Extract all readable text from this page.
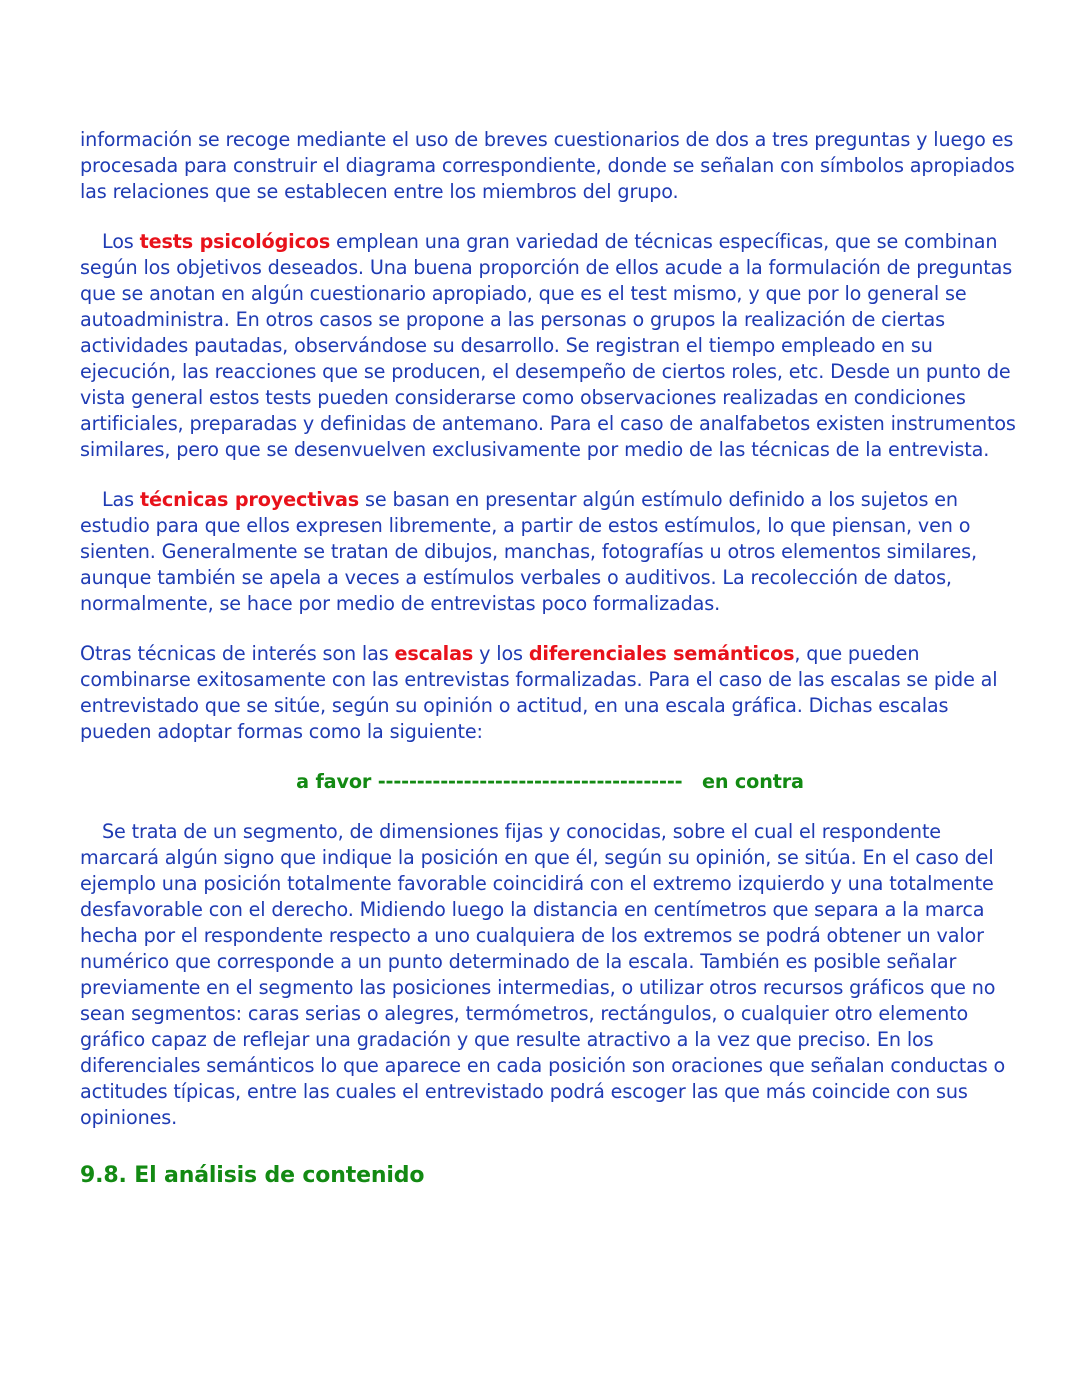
información se recoge mediante el uso de breves cuestionarios de dos a tres preguntas y luego es procesada para construir el diagrama correspondiente, donde se señalan con símbolos apropiados las relaciones que se establecen entre los miembros del grupo.

Los tests psicológicos emplean una gran variedad de técnicas específicas, que se combinan según los objetivos deseados. Una buena proporción de ellos acude a la formulación de preguntas que se anotan en algún cuestionario apropiado, que es el test mismo, y que por lo general se autoadministra. En otros casos se propone a las personas o grupos la realización de ciertas actividades pautadas, observándose su desarrollo. Se registran el tiempo empleado en su ejecución, las reacciones que se producen, el desempeño de ciertos roles, etc. Desde un punto de vista general estos tests pueden considerarse como observaciones realizadas en condiciones artificiales, preparadas y definidas de antemano. Para el caso de analfabetos existen instrumentos similares, pero que se desenvuelven exclusivamente por medio de las técnicas de la entrevista.

Las técnicas proyectivas se basan en presentar algún estímulo definido a los sujetos en estudio para que ellos expresen libremente, a partir de estos estímulos, lo que piensan, ven o sienten. Generalmente se tratan de dibujos, manchas, fotografías u otros elementos similares, aunque también se apela a veces a estímulos verbales o auditivos. La recolección de datos, normalmente, se hace por medio de entrevistas poco formalizadas.

Otras técnicas de interés son las escalas y los diferenciales semánticos, que pueden combinarse exitosamente con las entrevistas formalizadas. Para el caso de las escalas se pide al entrevistado que se sitúe, según su opinión o actitud, en una escala gráfica. Dichas escalas pueden adoptar formas como la siguiente:

a favor ---------------------------------------   en contra

Se trata de un segmento, de dimensiones fijas y conocidas, sobre el cual el respondente marcará algún signo que indique la posición en que él, según su opinión, se sitúa. En el caso del ejemplo una posición totalmente favorable coincidirá con el extremo izquierdo y una totalmente desfavorable con el derecho. Midiendo luego la distancia en centímetros que separa a la marca hecha por el respondente respecto a uno cualquiera de los extremos se podrá obtener un valor numérico que corresponde a un punto determinado de la escala. También es posible señalar previamente en el segmento las posiciones intermedias, o utilizar otros recursos gráficos que no sean segmentos: caras serias o alegres, termómetros, rectángulos, o cualquier otro elemento gráfico capaz de reflejar una gradación y que resulte atractivo a la vez que preciso. En los diferenciales semánticos lo que aparece en cada posición son oraciones que señalan conductas o actitudes típicas, entre las cuales el entrevistado podrá escoger las que más coincide con sus opiniones.

9.8. El análisis de contenido
